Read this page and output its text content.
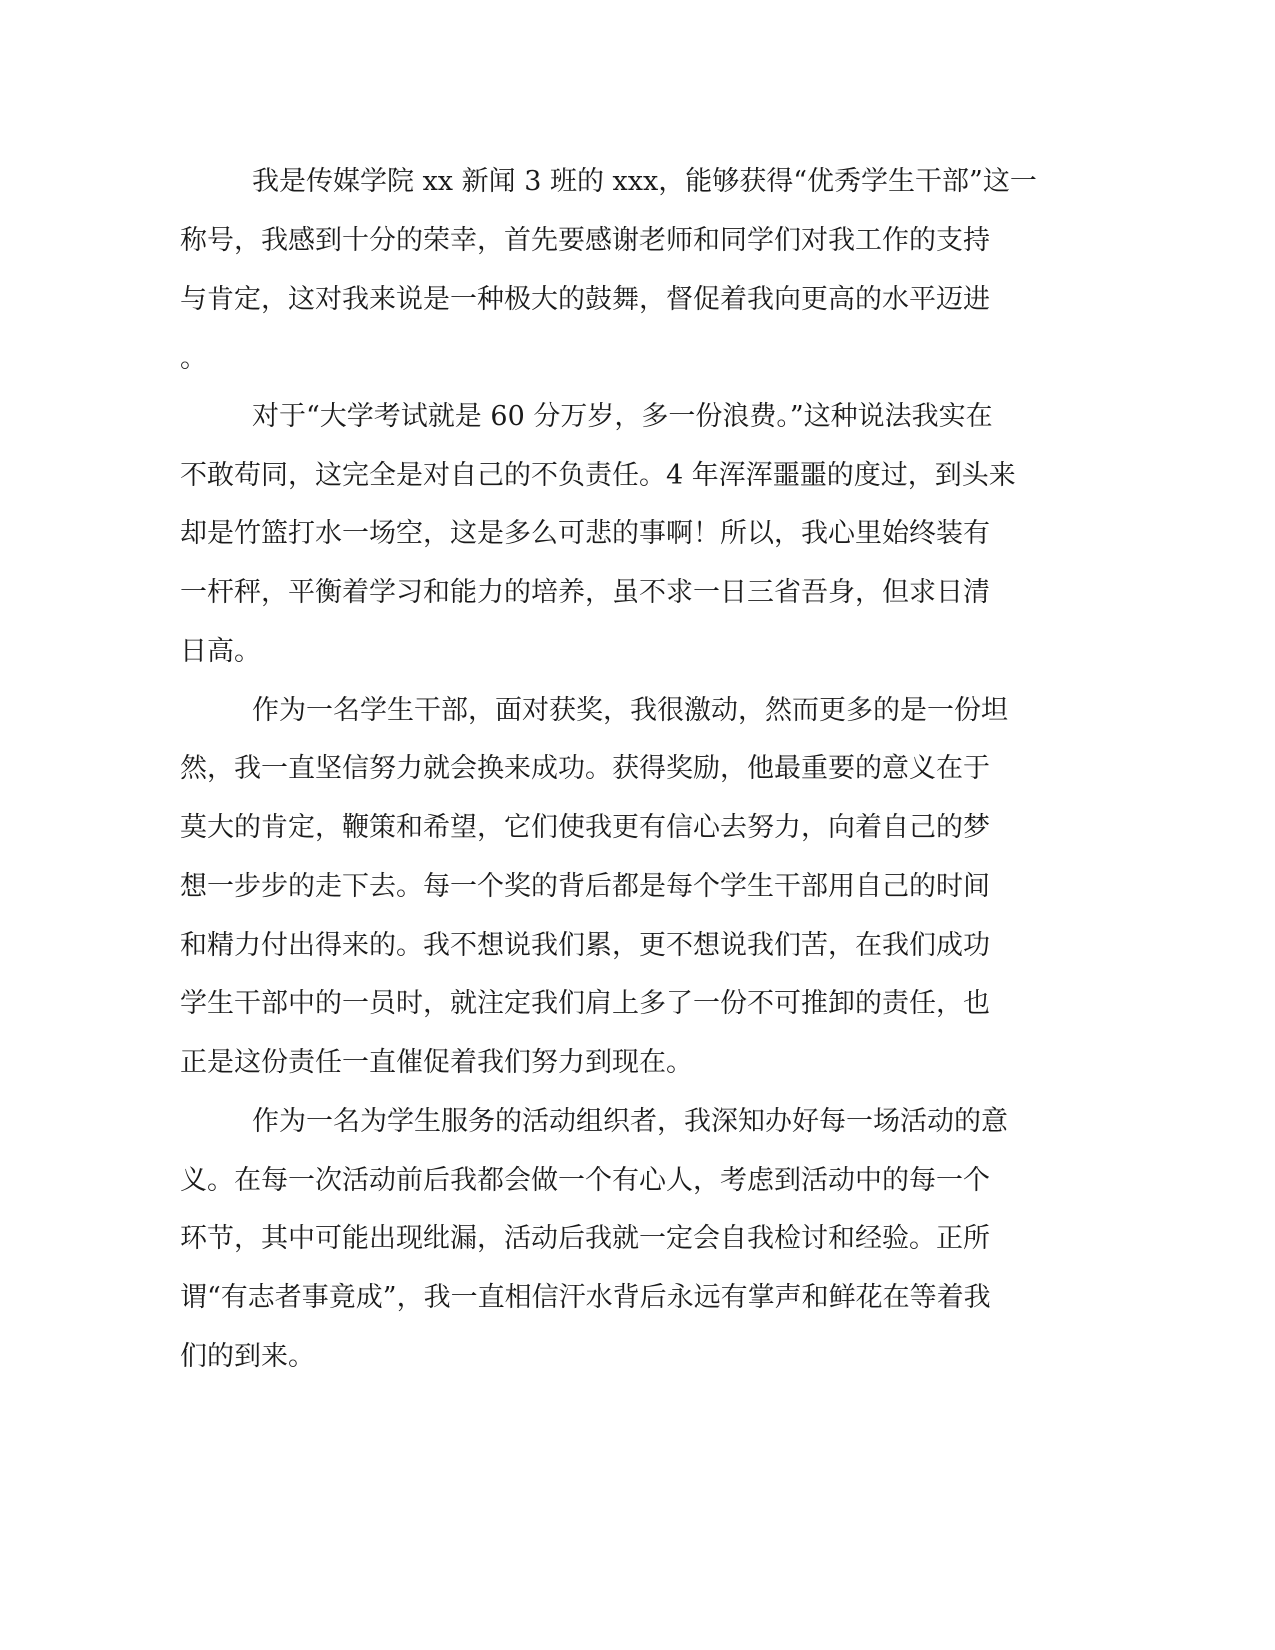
我是传媒学院 xx 新闻 3 班的 xxx，能够获得“优秀学生干部”这一

称号，我感到十分的荣幸，首先要感谢老师和同学们对我工作的支持

与肯定，这对我来说是一种极大的鼓舞，督促着我向更高的水平迈进

。

对于“大学考试就是 60 分万岁，多一份浪费。”这种说法我实在

不敢苟同，这完全是对自己的不负责任。4 年浑浑噩噩的度过，到头来

却是竹篮打水一场空，这是多么可悲的事啊！所以，我心里始终装有

一杆秤，平衡着学习和能力的培养，虽不求一日三省吾身，但求日清

日高。

作为一名学生干部，面对获奖，我很激动，然而更多的是一份坦

然，我一直坚信努力就会换来成功。获得奖励，他最重要的意义在于

莫大的肯定，鞭策和希望，它们使我更有信心去努力，向着自己的梦

想一步步的走下去。每一个奖的背后都是每个学生干部用自己的时间

和精力付出得来的。我不想说我们累，更不想说我们苦，在我们成功

学生干部中的一员时，就注定我们肩上多了一份不可推卸的责任，也

正是这份责任一直催促着我们努力到现在。

作为一名为学生服务的活动组织者，我深知办好每一场活动的意

义。在每一次活动前后我都会做一个有心人，考虑到活动中的每一个

环节，其中可能出现纰漏，活动后我就一定会自我检讨和经验。正所

谓“有志者事竟成”，我一直相信汗水背后永远有掌声和鲜花在等着我

们的到来。
